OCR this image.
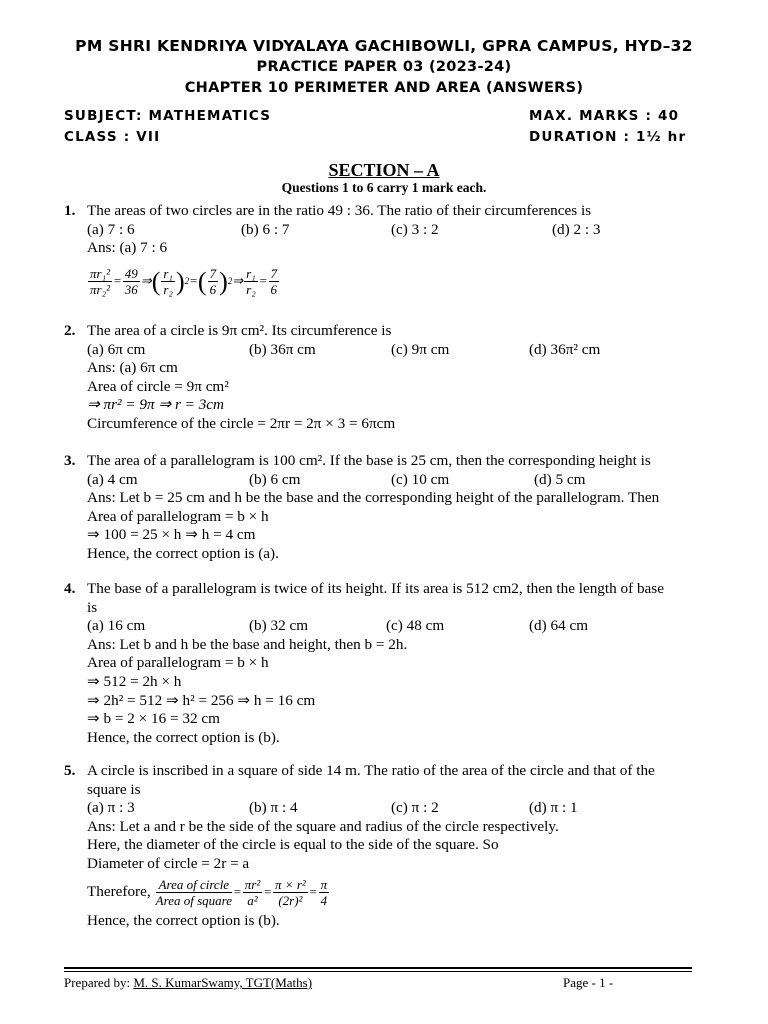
PM SHRI KENDRIYA VIDYALAYA GACHIBOWLI, GPRA CAMPUS, HYD–32
PRACTICE PAPER 03 (2023-24)
CHAPTER 10 PERIMETER AND AREA (ANSWERS)
SUBJECT: MATHEMATICS	MAX. MARKS : 40
CLASS : VII	DURATION : 1½ hr
SECTION – A
Questions 1 to 6 carry 1 mark each.
1. The areas of two circles are in the ratio 49 : 36. The ratio of their circumferences is
(a) 7 : 6	(b) 6 : 7	(c) 3 : 2	(d) 2 : 3
Ans: (a) 7 : 6
$\frac{\text{πr₁²}}{\text{πr₂²}} = \frac{49}{36}$ ⇒ ( $\frac{\text{r₁}}{\text{r₂}}$ ) 2 = ( $\frac{7}{6}$ ) 2 ⇒ $\frac{\text{r₁}}{\text{r₂}} = \frac{7}{6}$
2. The area of a circle is 9π cm². Its circumference is
(a) 6π cm	(b) 36π cm	(c) 9π cm	(d) 36π² cm
Ans: (a) 6π cm
Area of circle = 9π cm²
⇒ πr² = 9π ⇒ r = 3cm
Circumference of the circle = 2πr = 2π × 3 = 6πcm
3. The area of a parallelogram is 100 cm². If the base is 25 cm, then the corresponding height is
(a) 4 cm	(b) 6 cm	(c) 10 cm	(d) 5 cm
Ans: Let b = 25 cm and h be the base and the corresponding height of the parallelogram. Then
Area of parallelogram = b × h
⇒ 100 = 25 × h ⇒ h = 4 cm
Hence, the correct option is (a).
4. The base of a parallelogram is twice of its height. If its area is 512 cm2, then the length of base
is
(a) 16 cm	(b) 32 cm	(c) 48 cm	(d) 64 cm
Ans: Let b and h be the base and height, then b = 2h.
Area of parallelogram = b × h
⇒ 512 = 2h × h
⇒ 2h² = 512 ⇒ h² = 256 ⇒ h = 16 cm
⇒ b = 2 × 16 = 32 cm
Hence, the correct option is (b).
5. A circle is inscribed in a square of side 14 m. The ratio of the area of the circle and that of the
square is
(a) π : 3	(b) π : 4	(c) π : 2	(d) π : 1
Ans: Let a and r be the side of the square and radius of the circle respectively.
Here, the diameter of the circle is equal to the side of the square. So
Diameter of circle = 2r = a
Therefore, $\frac{\text{Area of circle}}{\text{Area of square}} = \frac{\text{πr²}}{\text{a²}} = \frac{\text{π × r²}}{\text{(2r)²}} = \frac{\pi}{4}$
Hence, the correct option is (b).
Prepared by: M. S. KumarSwamy, TGT(Maths)	Page - 1 -
